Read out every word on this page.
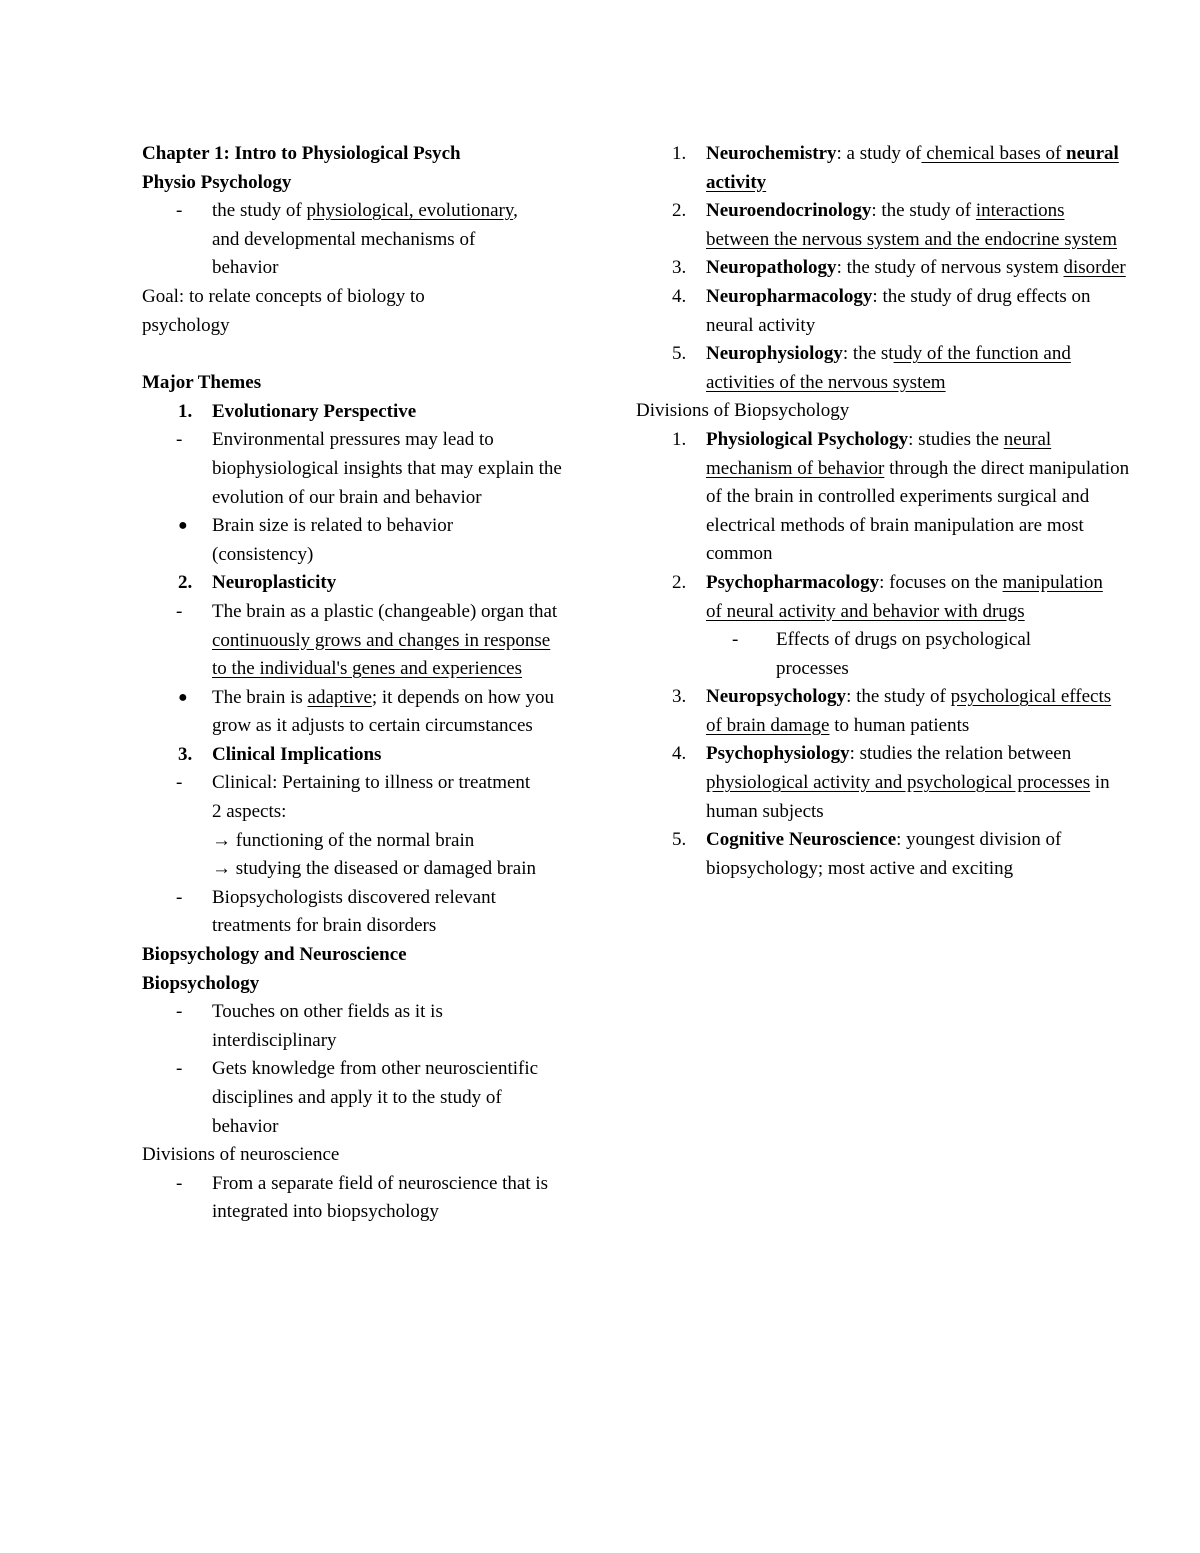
Chapter 1: Intro to Physiological Psych
Physio Psychology
- the study of physiological, evolutionary, and developmental mechanisms of behavior
Goal: to relate concepts of biology to psychology
Major Themes
1. Evolutionary Perspective
- Environmental pressures may lead to biophysiological insights that may explain the evolution of our brain and behavior
● Brain size is related to behavior (consistency)
2. Neuroplasticity
- The brain as a plastic (changeable) organ that continuously grows and changes in response to the individual's genes and experiences
● The brain is adaptive; it depends on how you grow as it adjusts to certain circumstances
3. Clinical Implications
- Clinical: Pertaining to illness or treatment
2 aspects:
→ functioning of the normal brain
→ studying the diseased or damaged brain
- Biopsychologists discovered relevant treatments for brain disorders
Biopsychology and Neuroscience
Biopsychology
- Touches on other fields as it is interdisciplinary
- Gets knowledge from other neuroscientific disciplines and apply it to the study of behavior
Divisions of neuroscience
- From a separate field of neuroscience that is integrated into biopsychology
1. Neurochemistry: a study of chemical bases of neural activity
2. Neuroendocrinology: the study of interactions between the nervous system and the endocrine system
3. Neuropathology: the study of nervous system disorder
4. Neuropharmacology: the study of drug effects on neural activity
5. Neurophysiology: the study of the function and activities of the nervous system
Divisions of Biopsychology
1. Physiological Psychology: studies the neural mechanism of behavior through the direct manipulation of the brain in controlled experiments surgical and electrical methods of brain manipulation are most common
2. Psychopharmacology: focuses on the manipulation of neural activity and behavior with drugs
- Effects of drugs on psychological processes
3. Neuropsychology: the study of psychological effects of brain damage to human patients
4. Psychophysiology: studies the relation between physiological activity and psychological processes in human subjects
5. Cognitive Neuroscience: youngest division of biopsychology; most active and exciting
